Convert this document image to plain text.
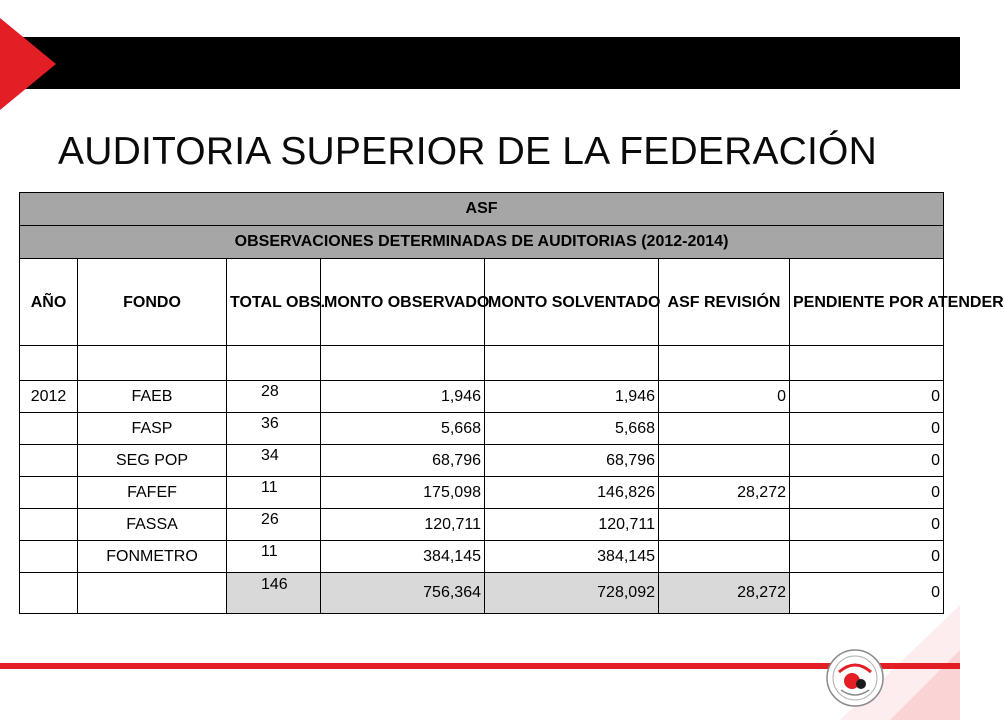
AUDITORIA SUPERIOR DE LA FEDERACIÓN
ASF						
OBSERVACIONES DETERMINADAS DE AUDITORIAS (2012-2014)						
AÑO	FONDO	TOTAL OBS.	MONTO OBSERVADO	MONTO SOLVENTADO	ASF REVISIÓN	PENDIENTE POR ATENDER

2012	FAEB	28	1,946	1,946	0	0
	FASP	36	5,668	5,668		0
	SEG POP	34	68,796	68,796		0
	FAFEF	11	175,098	146,826	28,272	0
	FASSA	26	120,711	120,711		0
	FONMETRO	11	384,145	384,145		0
		146	756,364	728,092	28,272	0
